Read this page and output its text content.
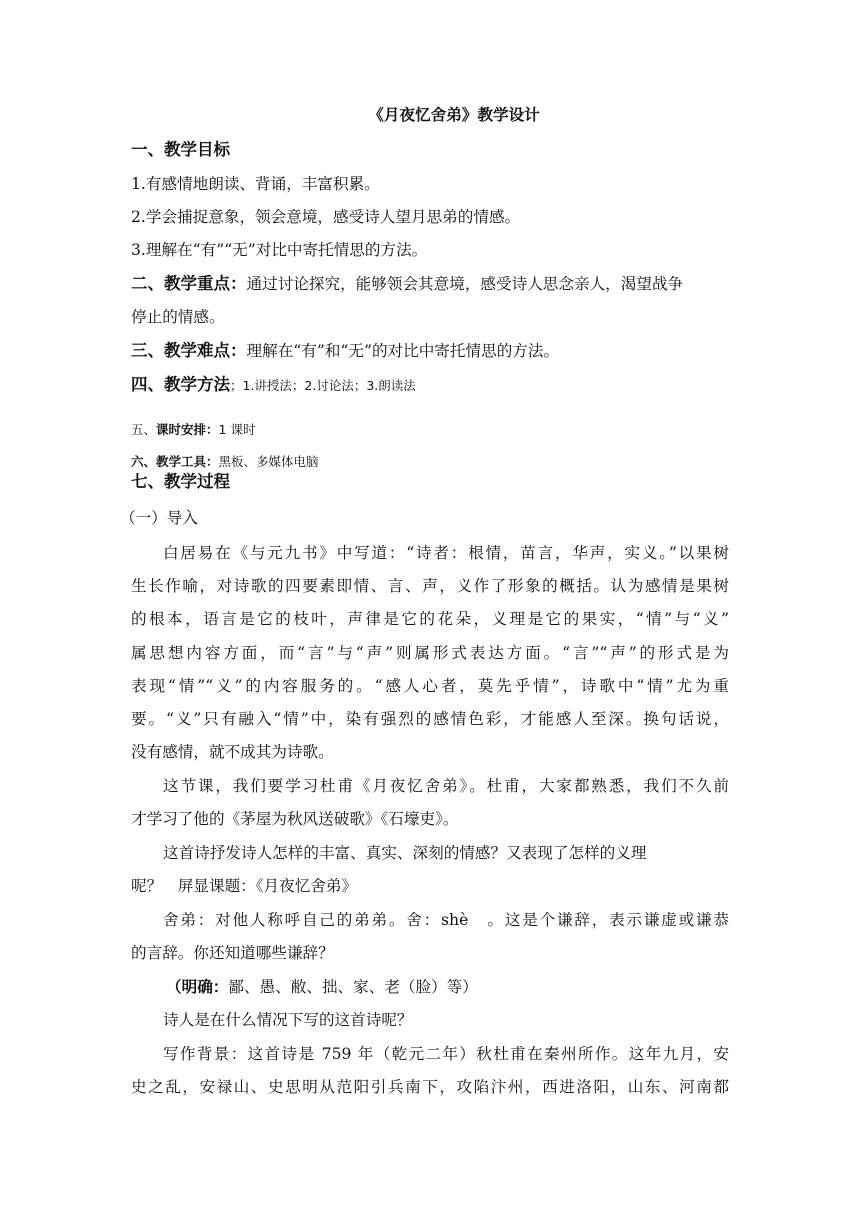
《月夜忆舍弟》教学设计
一、教学目标
1.有感情地朗读、背诵，丰富积累。
2.学会捕捉意象，领会意境，感受诗人望月思弟的情感。
3.理解在“有”“无”对比中寄托情思的方法。
二、教学重点：通过讨论探究，能够领会其意境，感受诗人思念亲人，渴望战争
停止的情感。
三、教学难点：理解在“有”和“无”的对比中寄托情思的方法。
四、教学方法；1.讲授法；2.讨论法；3.朗读法
五、课时安排：1 课时
六、教学工具：黑板、多媒体电脑
七、教学过程
（一）导入
白居易在《与元九书》中写道：“诗者：根情，苗言，华声，实义。”以果树
生长作喻，对诗歌的四要素即情、言、声，义作了形象的概括。认为感情是果树
的根本，语言是它的枝叶，声律是它的花朵，义理是它的果实，“情”与“义”
属思想内容方面，而“言”与“声”则属形式表达方面。“言”“声”的形式是为
表现“情”“义”的内容服务的。“感人心者，莫先乎情”，诗歌中“情”尤为重
要。“义”只有融入“情”中，染有强烈的感情色彩，才能感人至深。换句话说，
没有感情，就不成其为诗歌。
这节课，我们要学习杜甫《月夜忆舍弟》。杜甫，大家都熟悉，我们不久前
才学习了他的《茅屋为秋风送破歌》《石壕吏》。
这首诗抒发诗人怎样的丰富、真实、深刻的情感？又表现了怎样的义理
呢？　屏显课题：《月夜忆舍弟》
舍弟：对他人称呼自己的弟弟。舍：shè　。这是个谦辞，表示谦虚或谦恭
的言辞。你还知道哪些谦辞？
（明确：鄙、愚、敝、拙、家、老（脸）等）
诗人是在什么情况下写的这首诗呢？
写作背景：这首诗是 759 年（乾元二年）秋杜甫在秦州所作。这年九月，安
史之乱，安禄山、史思明从范阳引兵南下，攻陷汴州，西进洛阳，山东、河南都
